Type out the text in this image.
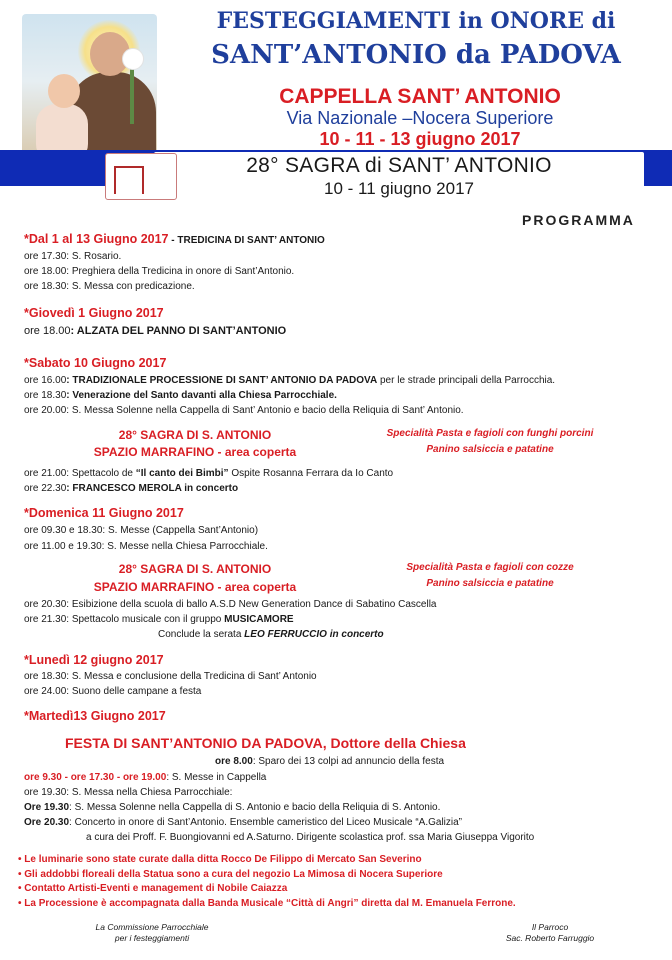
FESTEGGIAMENTI in ONORE di
SANT’ANTONIO da PADOVA
CAPPELLA SANT’ ANTONIO
Via Nazionale –Nocera Superiore
10 - 11 - 13 giugno 2017
28° SAGRA di SANT’ ANTONIO
10 - 11 giugno 2017
PROGRAMMA
*Dal 1 al 13 Giugno 2017 - TREDICINA DI SANT’ ANTONIO
ore 17.30: S. Rosario.
ore 18.00: Preghiera della Tredicina in onore di Sant’Antonio.
ore 18.30: S. Messa con predicazione.
*Giovedì 1 Giugno 2017
ore 18.00: ALZATA DEL PANNO DI SANT’ANTONIO
*Sabato 10 Giugno 2017
ore 16.00: TRADIZIONALE PROCESSIONE DI SANT’ ANTONIO DA PADOVA per le strade principali della Parrocchia.
ore 18.30: Venerazione del Santo davanti alla Chiesa Parrocchiale.
ore 20.00: S. Messa Solenne nella Cappella di Sant’ Antonio e bacio della Reliquia di Sant’ Antonio.
28° SAGRA DI S. ANTONIO
SPAZIO MARRAFINO - area coperta
Specialità Pasta e fagioli con funghi porcini
Panino salsiccia e patatine
ore 21.00: Spettacolo de “Il canto dei Bimbi” Ospite Rosanna Ferrara da Io Canto
ore 22.30: FRANCESCO MEROLA in concerto
*Domenica 11 Giugno 2017
ore 09.30 e 18.30: S. Messe (Cappella Sant’Antonio)
ore 11.00 e 19.30: S. Messe nella Chiesa Parrocchiale.
28° SAGRA DI S. ANTONIO
SPAZIO MARRAFINO - area coperta
Specialità Pasta e fagioli con cozze
Panino salsiccia e patatine
ore 20.30: Esibizione della scuola di ballo A.S.D New Generation Dance di Sabatino Cascella
ore 21.30: Spettacolo musicale con il gruppo MUSICAMORE
Conclude la serata LEO FERRUCCIO in concerto
*Lunedì 12 giugno 2017
ore 18.30: S. Messa e conclusione della Tredicina di Sant’ Antonio
ore 24.00: Suono delle campane a festa
*Martedì13 Giugno 2017
FESTA DI SANT’ANTONIO DA PADOVA, Dottore della Chiesa
ore 8.00: Sparo dei 13 colpi ad annuncio della festa
ore 9.30 - ore 17.30 - ore 19.00: S. Messe in Cappella
ore 19.30: S. Messa nella Chiesa Parrocchiale:
Ore 19.30: S. Messa Solenne nella Cappella di S. Antonio e bacio della Reliquia di S. Antonio.
Ore 20.30: Concerto in onore di Sant’Antonio. Ensemble cameristico del Liceo Musicale “A.Galizia”
a cura dei Proff. F. Buongiovanni ed A.Saturno. Dirigente scolastica prof. ssa Maria Giuseppa Vigorito
• Le luminarie sono state curate dalla ditta Rocco De Filippo di Mercato San Severino
• Gli addobbi floreali della Statua sono a cura del negozio La Mimosa di Nocera Superiore
• Contatto Artisti-Eventi e management di Nobile Caiazza
• La Processione è accompagnata dalla Banda Musicale “Città di Angri” diretta dal M. Emanuela Ferrone.
La Commissione Parrocchiale
per i festeggiamenti
Il Parroco
Sac. Roberto Farruggio
